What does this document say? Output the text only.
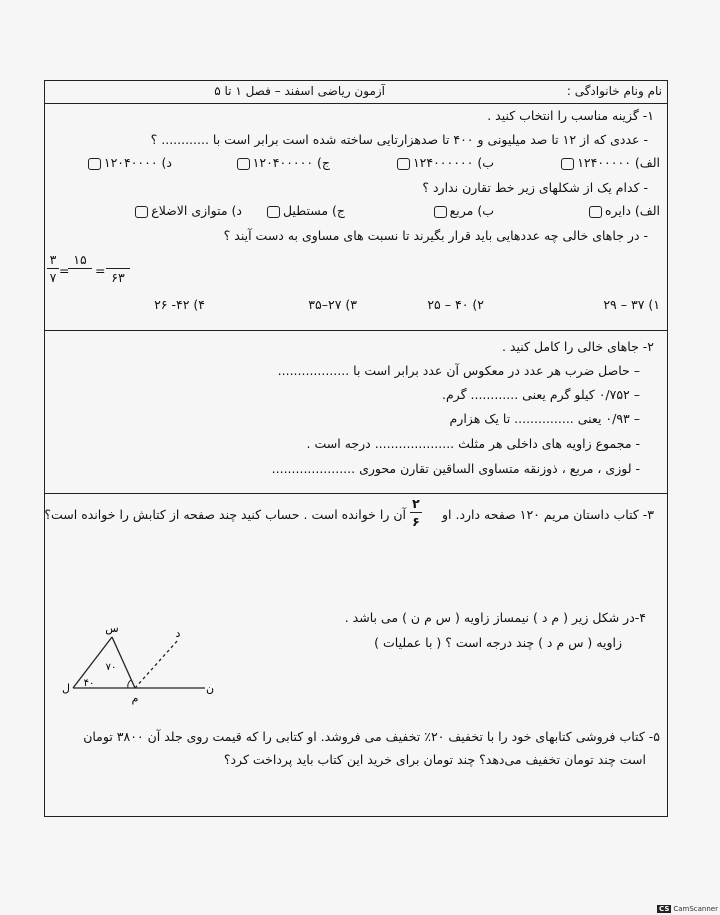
نام ونام خانوادگی :
آزمون ریاضی اسفند – فصل ۱ تا ۵
۱- گزینه مناسب را انتخاب کنید .
- عددی که از ۱۲ تا صد میلیونی و ۴۰۰ تا صدهزارتایی ساخته شده است برابر است با ............ ؟
الف) ۱۲۴۰۰۰۰۰
ب) ۱۲۴۰۰۰۰۰۰
ج) ۱۲۰۴۰۰۰۰۰
د) ۱۲۰۴۰۰۰۰
- کدام یک از شکلهای زیر خط تقارن ندارد ؟
الف) دایره
ب) مربع
ج) مستطیل
د) متوازی الاضلاع
- در جاهای خالی چه عددهایی باید قرار بگیرند تا نسبت های مساوی به دست آیند ؟
۳
۷ =
۱۵

=
۶۳
۱) ۳۷ – ۲۹
۲) ۴۰ – ۲۵
۳) ۲۷–۳۵
۴) ۴۲- ۲۶
۲- جاهای خالی را کامل کنید .
– حاصل ضرب هر عدد در معکوس آن عدد برابر است با ..................
– ۰/۷۵۲ کیلو گرم یعنی ............ گرم.
– ۰/۹۳ یعنی ............... تا یک هزارم
- مجموع زاویه های داخلی هر مثلث .................... درجه است .
- لوزی ، مربع ، ذوزنقه متساوی الساقین تقارن محوری .....................
۳- کتاب داستان مریم ۱۲۰ صفحه دارد. او
۲
۶
آن را خوانده است . حساب کنید چند صفحه از کتابش را خوانده است؟
۴-در شکل زیر ( م د ) نیمساز زاویه ( س م ن ) می باشد .
زاویه ( س م د ) چند درجه است ؟ ( با عملیات )
س	د
ل
م
ن
۷۰
۴۰
۵- کتاب فروشی کتابهای خود را با تخفیف ۲۰٪ تخفیف می فروشد. او کتابی را که قیمت روی جلد آن ۳۸۰۰ تومان
است چند تومان تخفیف می‌دهد؟ چند تومان برای خرید این کتاب باید پرداخت کرد؟
CS CamScanner
